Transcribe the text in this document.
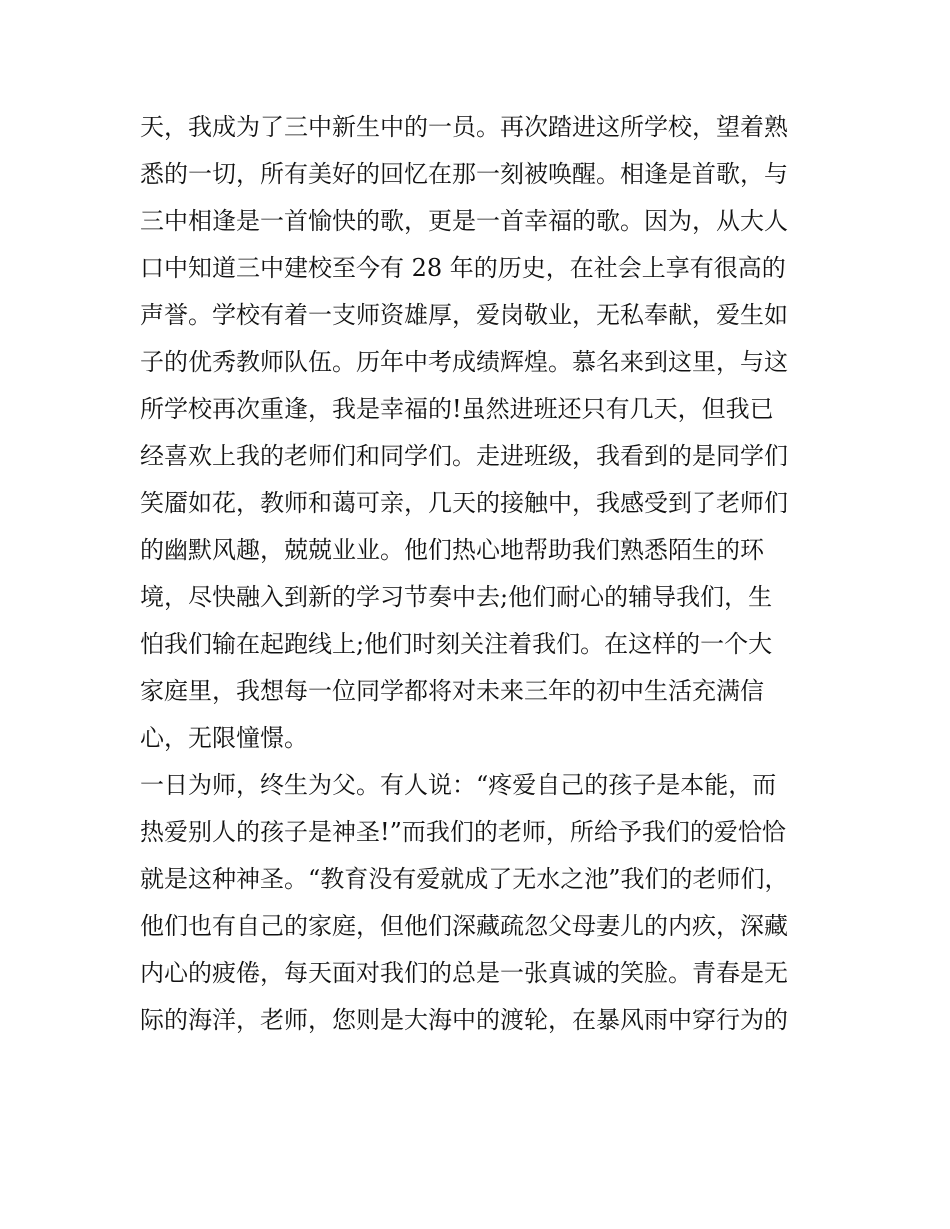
天，我成为了三中新生中的一员。再次踏进这所学校，望着熟
悉的一切，所有美好的回忆在那一刻被唤醒。相逢是首歌，与
三中相逢是一首愉快的歌，更是一首幸福的歌。因为，从大人
口中知道三中建校至今有 28 年的历史，在社会上享有很高的
声誉。学校有着一支师资雄厚，爱岗敬业，无私奉献，爱生如
子的优秀教师队伍。历年中考成绩辉煌。慕名来到这里，与这
所学校再次重逢，我是幸福的!虽然进班还只有几天，但我已
经喜欢上我的老师们和同学们。走进班级，我看到的是同学们
笑靥如花，教师和蔼可亲，几天的接触中，我感受到了老师们
的幽默风趣，兢兢业业。他们热心地帮助我们熟悉陌生的环
境，尽快融入到新的学习节奏中去;他们耐心的辅导我们，生
怕我们输在起跑线上;他们时刻关注着我们。在这样的一个大
家庭里，我想每一位同学都将对未来三年的初中生活充满信
心，无限憧憬。
一日为师，终生为父。有人说：“疼爱自己的孩子是本能，而
热爱别人的孩子是神圣!”而我们的老师，所给予我们的爱恰恰
就是这种神圣。“教育没有爱就成了无水之池”我们的老师们，
他们也有自己的家庭，但他们深藏疏忽父母妻儿的内疚，深藏
内心的疲倦，每天面对我们的总是一张真诚的笑脸。青春是无
际的海洋，老师，您则是大海中的渡轮，在暴风雨中穿行为的
